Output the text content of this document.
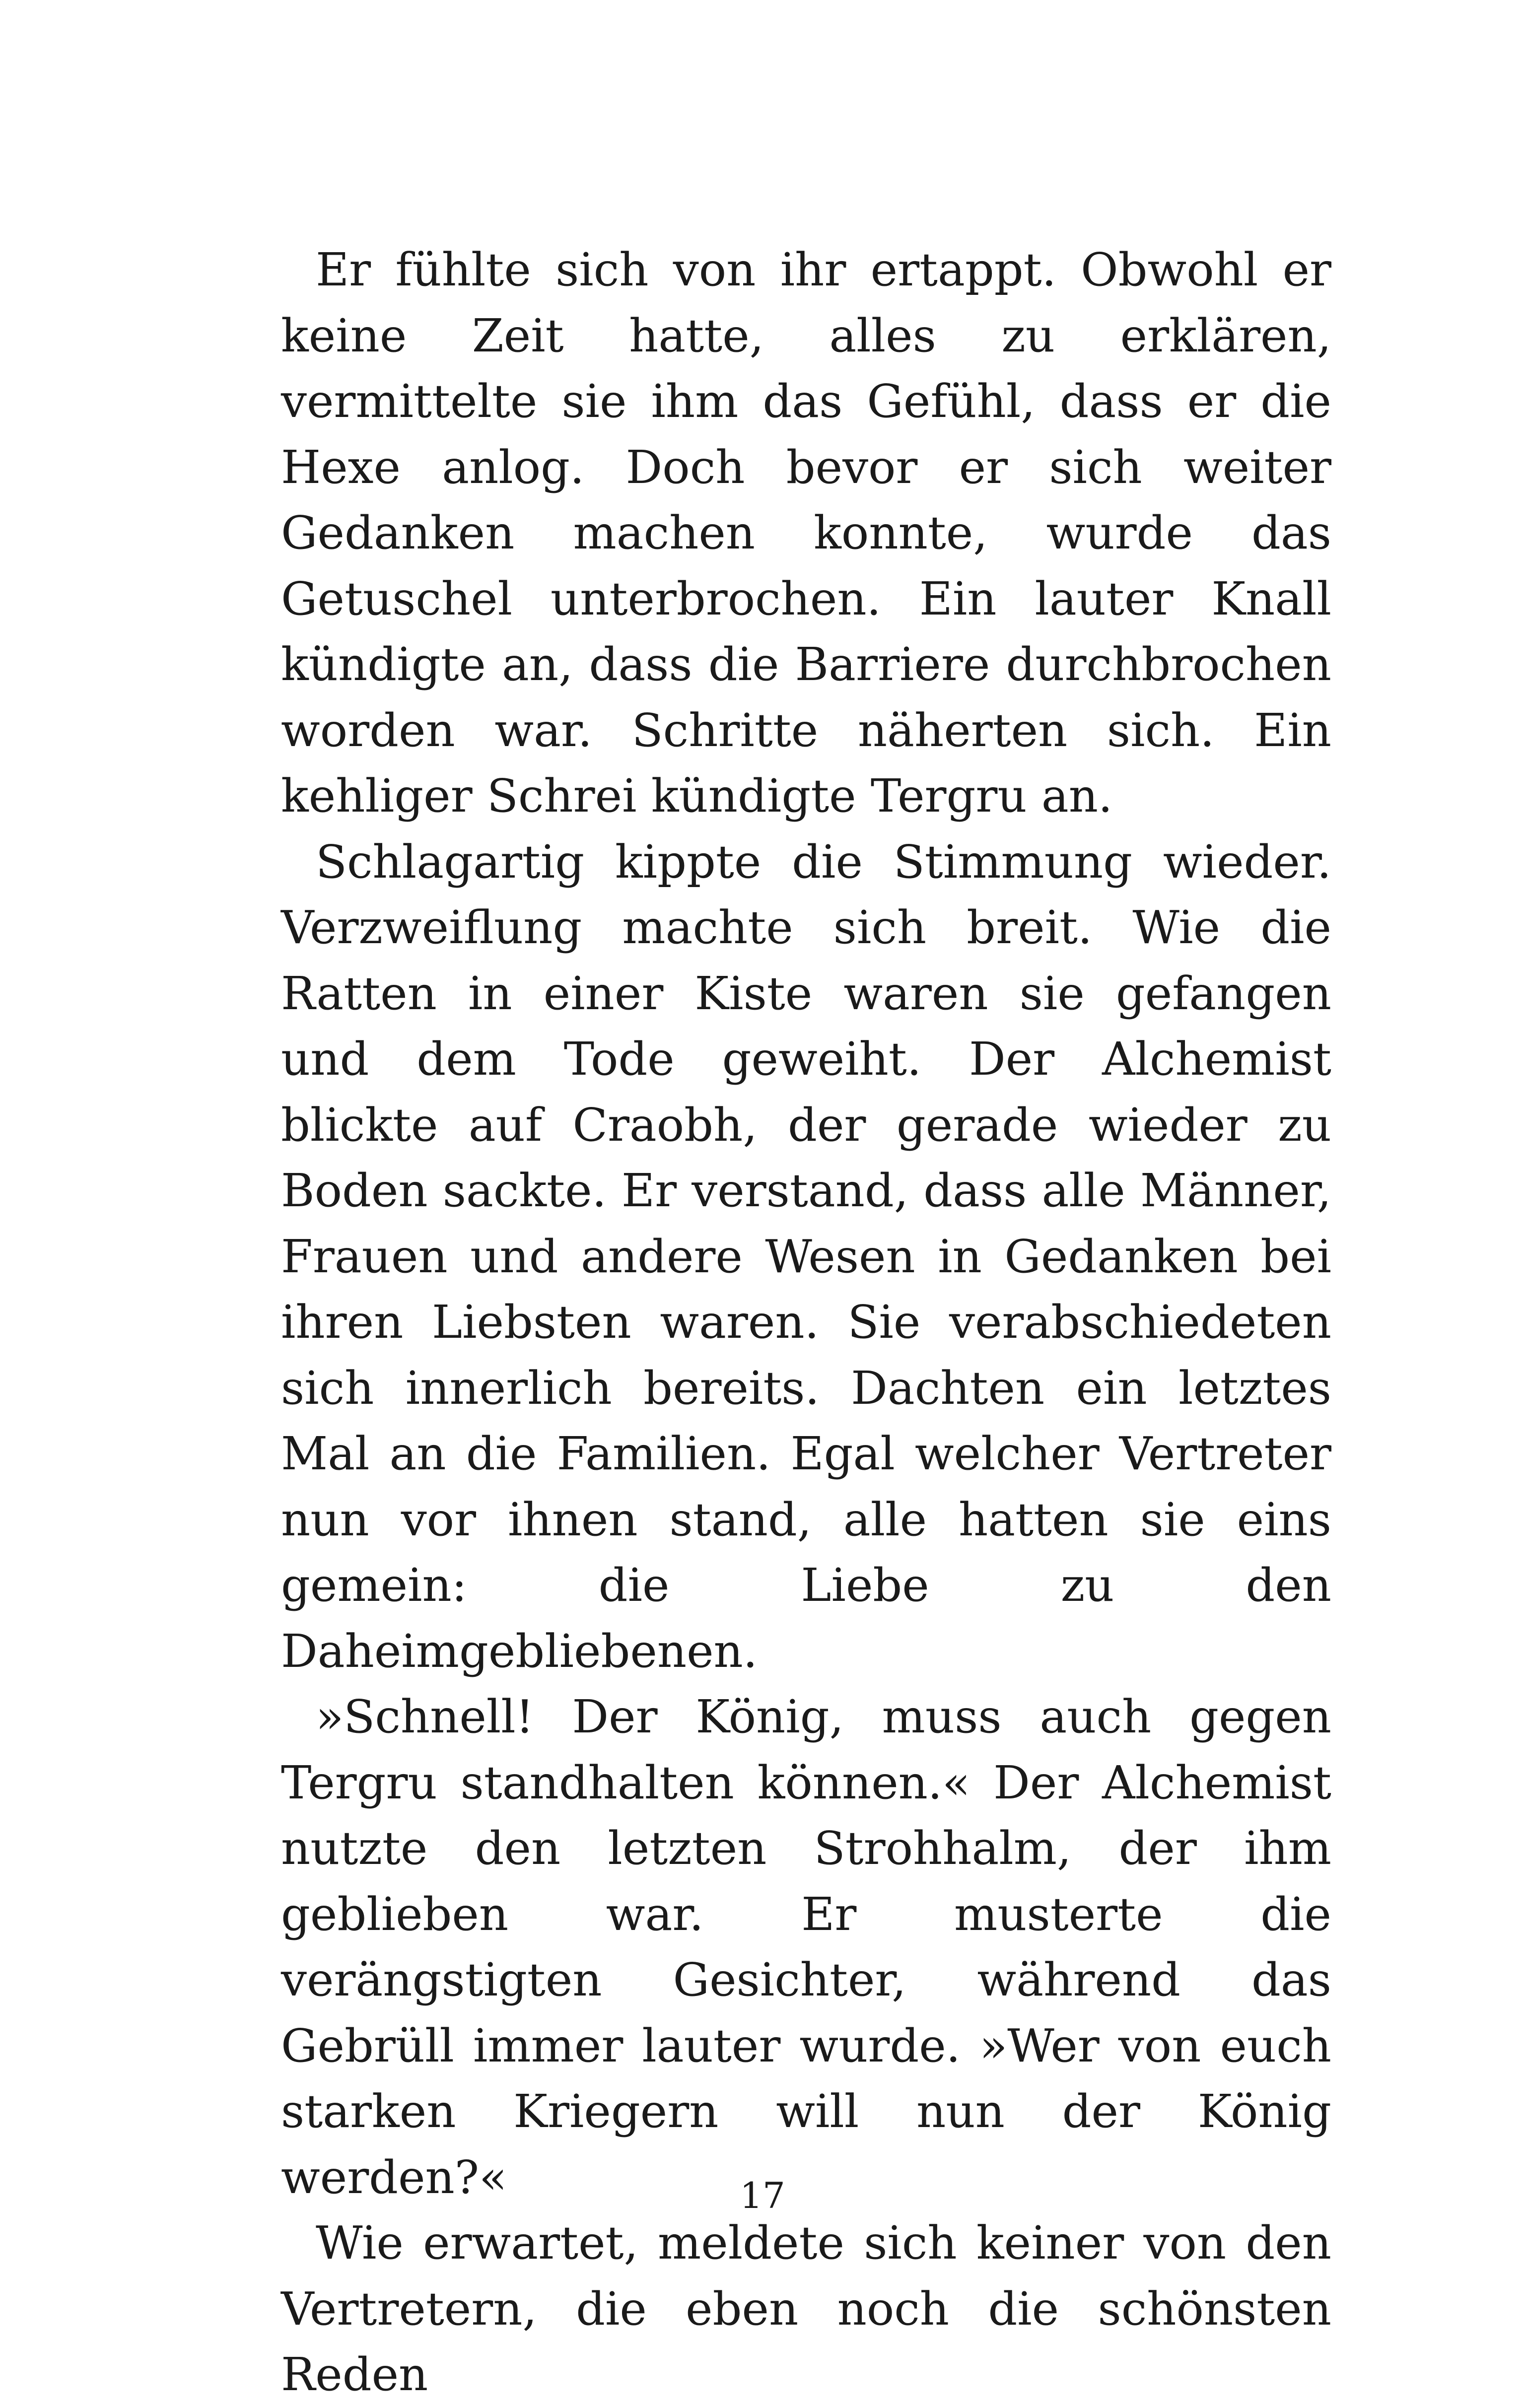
Er fühlte sich von ihr ertappt. Obwohl er keine Zeit hatte, alles zu erklären, vermittelte sie ihm das Gefühl, dass er die Hexe anlog. Doch bevor er sich weiter Gedanken machen konnte, wurde das Getuschel unterbrochen. Ein lauter Knall kündigte an, dass die Barriere durchbrochen worden war. Schritte näherten sich. Ein kehliger Schrei kündigte Tergru an.

Schlagartig kippte die Stimmung wieder. Verzweiflung machte sich breit. Wie die Ratten in einer Kiste waren sie gefangen und dem Tode geweiht. Der Alchemist blickte auf Craobh, der gerade wieder zu Boden sackte. Er verstand, dass alle Männer, Frauen und andere Wesen in Gedanken bei ihren Liebsten waren. Sie verabschiedeten sich innerlich bereits. Dachten ein letztes Mal an die Familien. Egal welcher Vertreter nun vor ihnen stand, alle hatten sie eins gemein: die Liebe zu den Daheimgebliebenen.

»Schnell! Der König, muss auch gegen Tergru standhalten können.« Der Alchemist nutzte den letzten Strohhalm, der ihm geblieben war. Er musterte die verängstigten Gesichter, während das Gebrüll immer lauter wurde. »Wer von euch starken Kriegern will nun der König werden?«

Wie erwartet, meldete sich keiner von den Vertretern, die eben noch die schönsten Reden

17
